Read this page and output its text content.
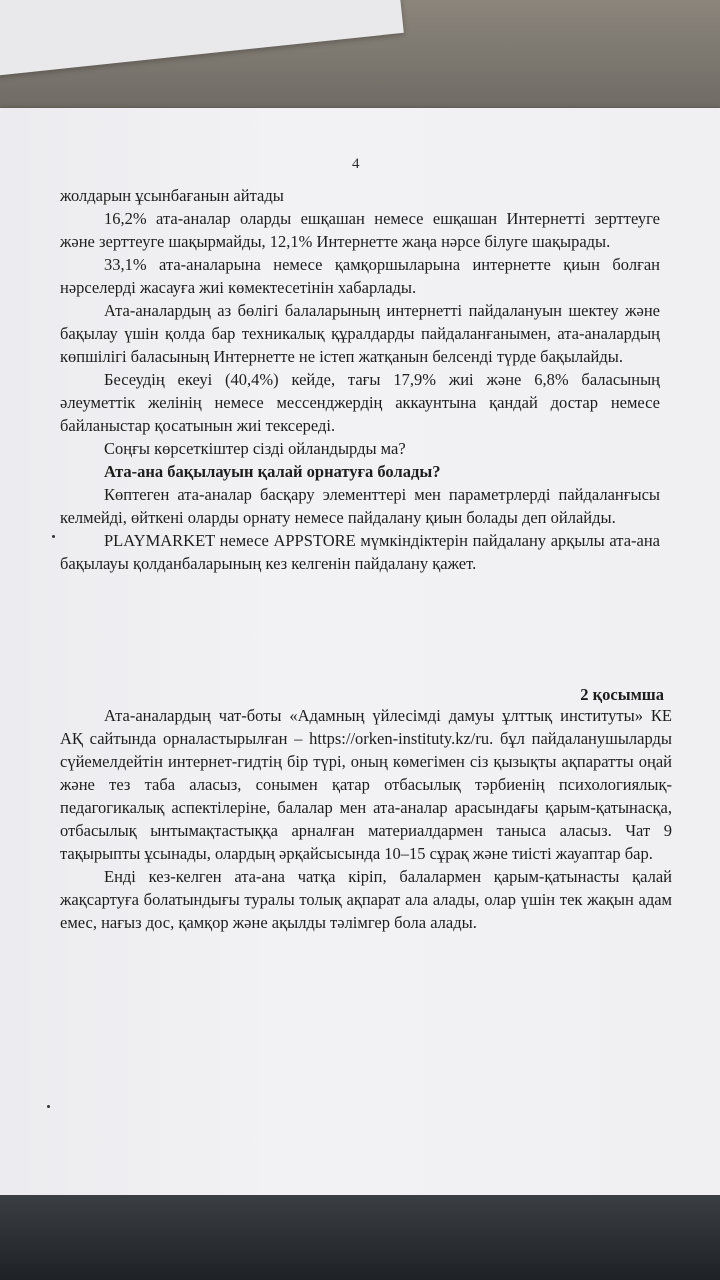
4

жолдарын ұсынбағанын айтады

16,2% ата-аналар оларды ешқашан немесе ешқашан Интернетті зерттеуге және зерттеуге шақырмайды, 12,1% Интернетте жаңа нәрсе білуге шақырады.

33,1% ата-аналарына немесе қамқоршыларына интернетте қиын болған нәрселерді жасауға жиі көмектесетінін хабарлады.

Ата-аналардың аз бөлігі балаларының интернетті пайдалануын шектеу және бақылау үшін қолда бар техникалық құралдарды пайдаланғанымен, ата-аналардың көпшілігі баласының Интернетте не істеп жатқанын белсенді түрде бақылайды.

Бесеудің екеуі (40,4%) кейде, тағы 17,9% жиі және 6,8% баласының әлеуметтік желінің немесе мессенджердің аккаунтына қандай достар немесе байланыстар қосатынын жиі тексереді.

Соңғы көрсеткіштер сізді ойландырды ма?

Ата-ана бақылауын қалай орнатуға болады?

Көптеген ата-аналар басқару элементтері мен параметрлерді пайдаланғысы келмейді, өйткені оларды орнату немесе пайдалану қиын болады деп ойлайды.

PLAYMARKET немесе APPSTORE мүмкіндіктерін пайдалану арқылы ата-ана бақылауы қолданбаларының кез келгенін пайдалану қажет.

2 қосымша

Ата-аналардың чат-боты «Адамның үйлесімді дамуы ұлттық институты» КЕ АҚ сайтында орналастырылған – https://orken-instituty.kz/ru. бұл пайдаланушыларды сүйемелдейтін интернет-гидтің бір түрі, оның көмегімен сіз қызықты ақпаратты оңай және тез таба аласыз, сонымен қатар отбасылық тәрбиенің психологиялық-педагогикалық аспектілеріне, балалар мен ата-аналар арасындағы қарым-қатынасқа, отбасылық ынтымақтастыққа арналған материалдармен таныса аласыз. Чат 9 тақырыпты ұсынады, олардың әрқайсысында 10–15 сұрақ және тиісті жауаптар бар.

Енді кез-келген ата-ана чатқа кіріп, балалармен қарым-қатынасты қалай жақсартуға болатындығы туралы толық ақпарат ала алады, олар үшін тек жақын адам емес, нағыз дос, қамқор және ақылды тәлімгер бола алады.
